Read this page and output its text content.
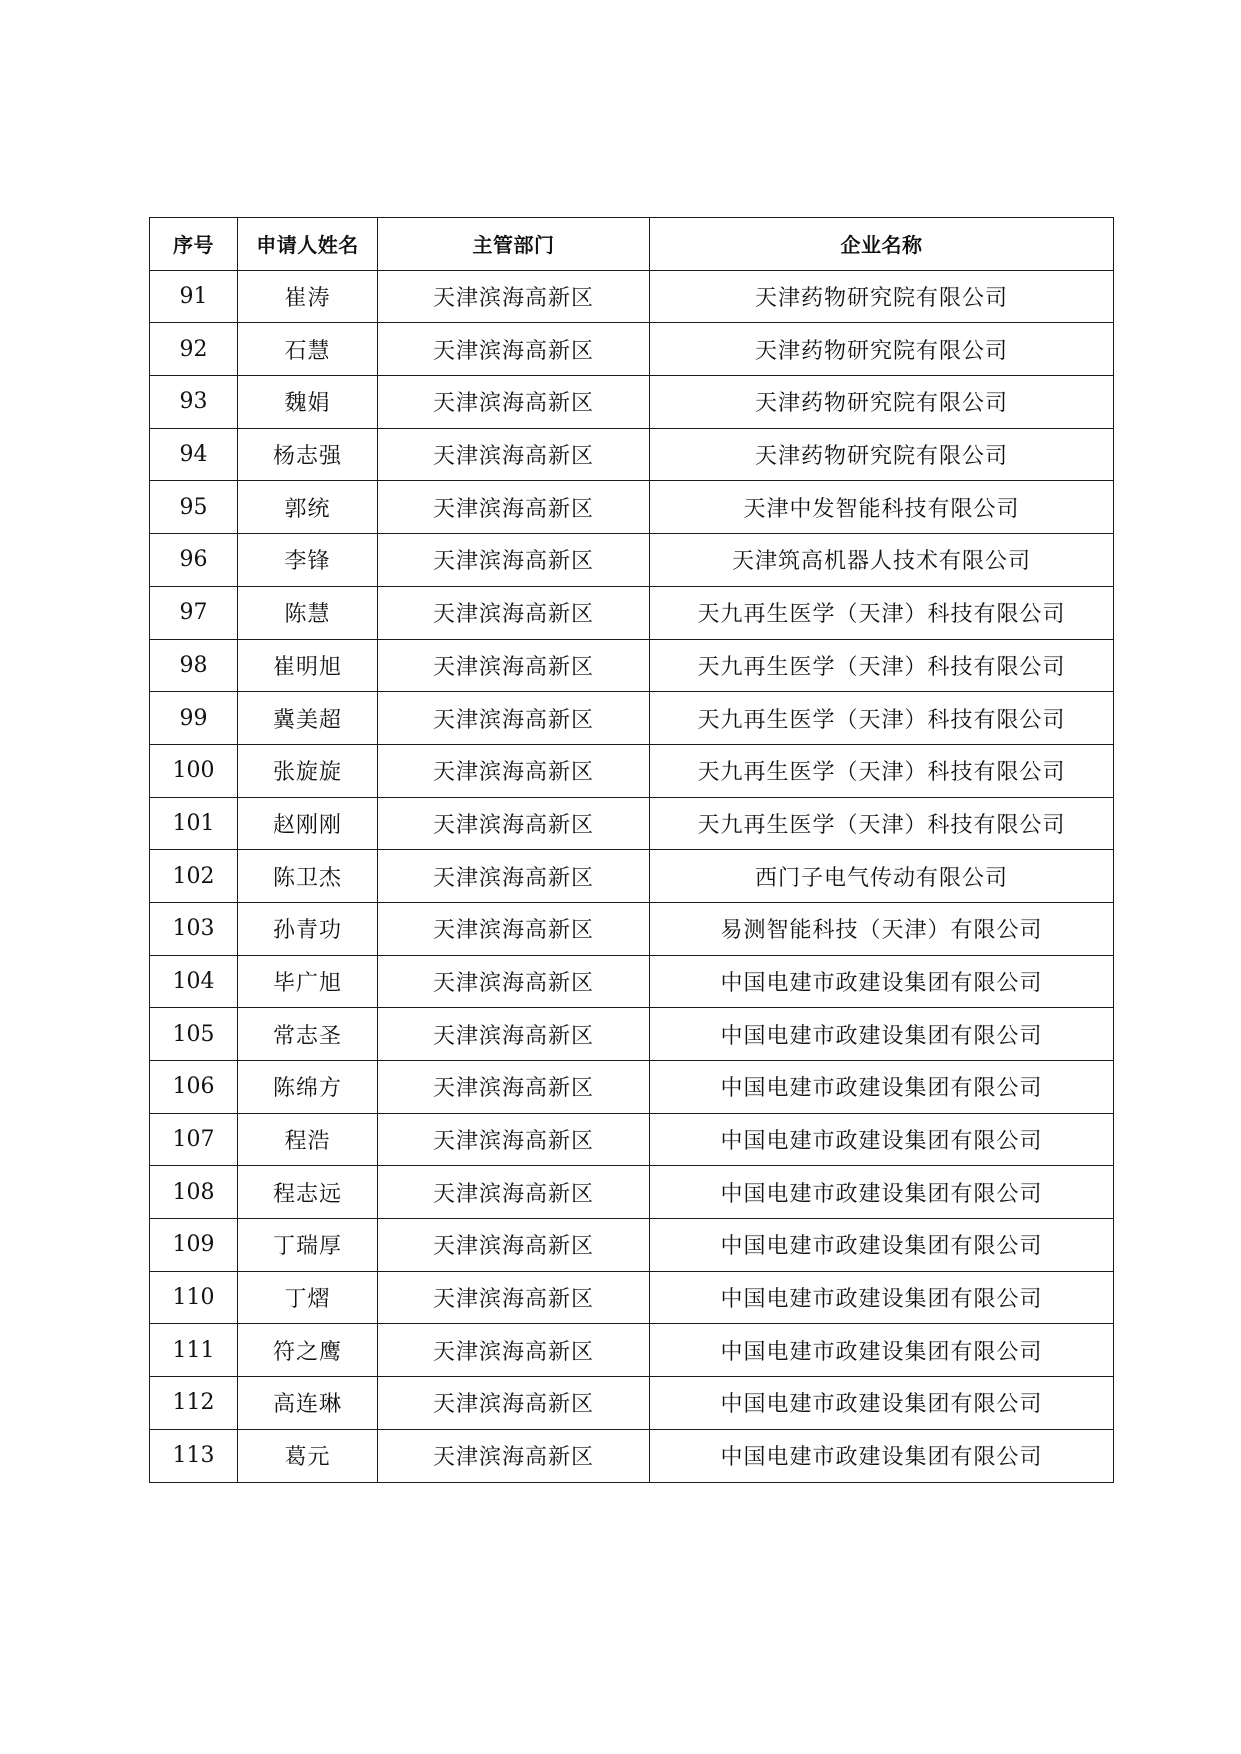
序号	申请人姓名	主管部门	企业名称
91	崔涛	天津滨海高新区	天津药物研究院有限公司
92	石慧	天津滨海高新区	天津药物研究院有限公司
93	魏娟	天津滨海高新区	天津药物研究院有限公司
94	杨志强	天津滨海高新区	天津药物研究院有限公司
95	郭统	天津滨海高新区	天津中发智能科技有限公司
96	李锋	天津滨海高新区	天津筑高机器人技术有限公司
97	陈慧	天津滨海高新区	天九再生医学（天津）科技有限公司
98	崔明旭	天津滨海高新区	天九再生医学（天津）科技有限公司
99	冀美超	天津滨海高新区	天九再生医学（天津）科技有限公司
100	张旋旋	天津滨海高新区	天九再生医学（天津）科技有限公司
101	赵刚刚	天津滨海高新区	天九再生医学（天津）科技有限公司
102	陈卫杰	天津滨海高新区	西门子电气传动有限公司
103	孙青功	天津滨海高新区	易测智能科技（天津）有限公司
104	毕广旭	天津滨海高新区	中国电建市政建设集团有限公司
105	常志圣	天津滨海高新区	中国电建市政建设集团有限公司
106	陈绵方	天津滨海高新区	中国电建市政建设集团有限公司
107	程浩	天津滨海高新区	中国电建市政建设集团有限公司
108	程志远	天津滨海高新区	中国电建市政建设集团有限公司
109	丁瑞厚	天津滨海高新区	中国电建市政建设集团有限公司
110	丁熠	天津滨海高新区	中国电建市政建设集团有限公司
111	符之鹰	天津滨海高新区	中国电建市政建设集团有限公司
112	高连琳	天津滨海高新区	中国电建市政建设集团有限公司
113	葛元	天津滨海高新区	中国电建市政建设集团有限公司
